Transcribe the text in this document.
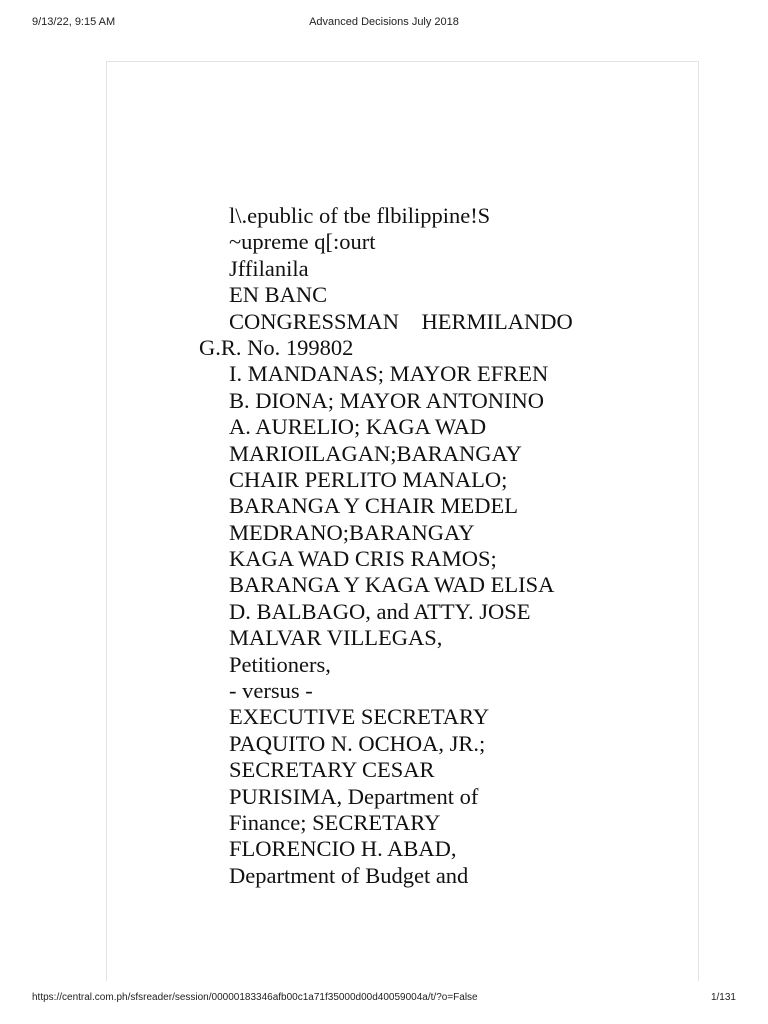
9/13/22, 9:15 AM	Advanced Decisions July 2018
l\.epublic of tbe flbilippine!S
~upreme q[:ourt
Jffilanila
EN BANC
CONGRESSMAN    HERMILANDO
G.R. No. 199802
I. MANDANAS; MAYOR EFREN
B. DIONA; MAYOR ANTONINO
A. AURELIO; KAGA WAD
MARIOILAGAN;BARANGAY
CHAIR PERLITO MANALO;
BARANGA Y CHAIR MEDEL
MEDRANO;BARANGAY
KAGA WAD CRIS RAMOS;
BARANGA Y KAGA WAD ELISA
D. BALBAGO, and ATTY. JOSE
MALVAR VILLEGAS,
Petitioners,
- versus -
EXECUTIVE SECRETARY
PAQUITO N. OCHOA, JR.;
SECRETARY CESAR
PURISIMA, Department of
Finance; SECRETARY
FLORENCIO H. ABAD,
Department of Budget and
https://central.com.ph/sfsreader/session/00000183346afb00c1a71f35000d00d40059004a/t/?o=False	1/131
